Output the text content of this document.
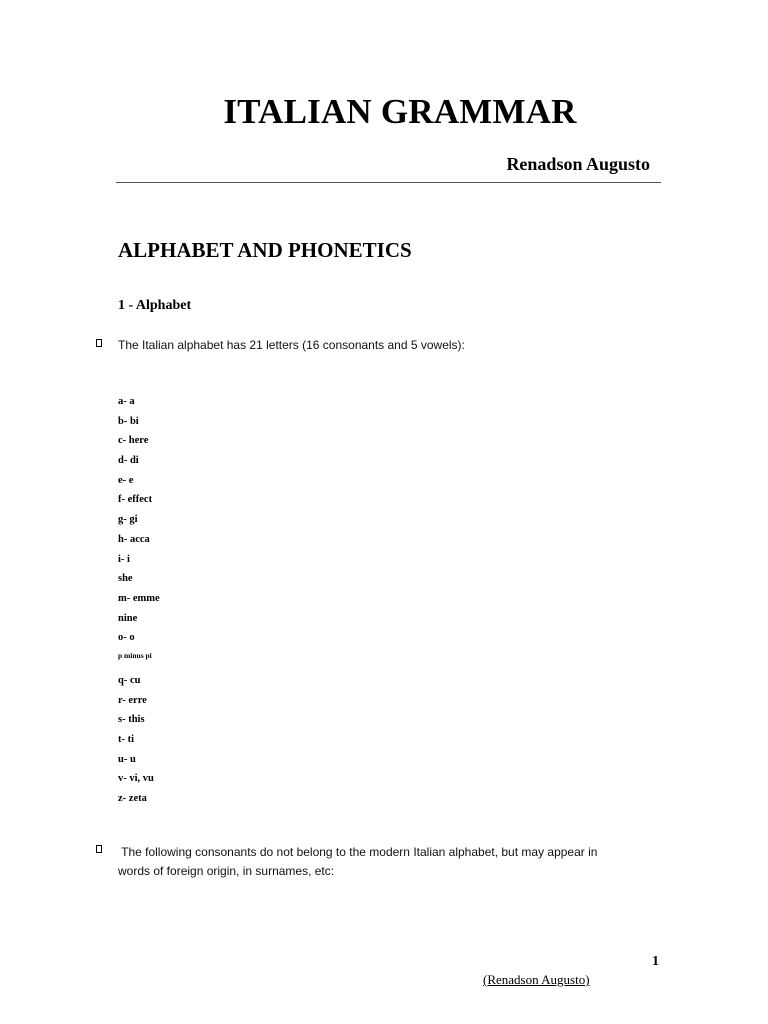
ITALIAN GRAMMAR
Renadson Augusto
ALPHABET AND PHONETICS
1 - Alphabet
The Italian alphabet has 21 letters (16 consonants and 5 vowels):
a- a
b- bi
c- here
d- di
e- e
f- effect
g- gi
h- acca
i- i
she
m- emme
nine
o- o
p minus pi
q- cu
r- erre
s- this
t- ti
u- u
v- vi, vu
z- zeta
The following consonants do not belong to the modern Italian alphabet, but may appear in
words of foreign origin, in surnames, etc:
1
(Renadson Augusto)
